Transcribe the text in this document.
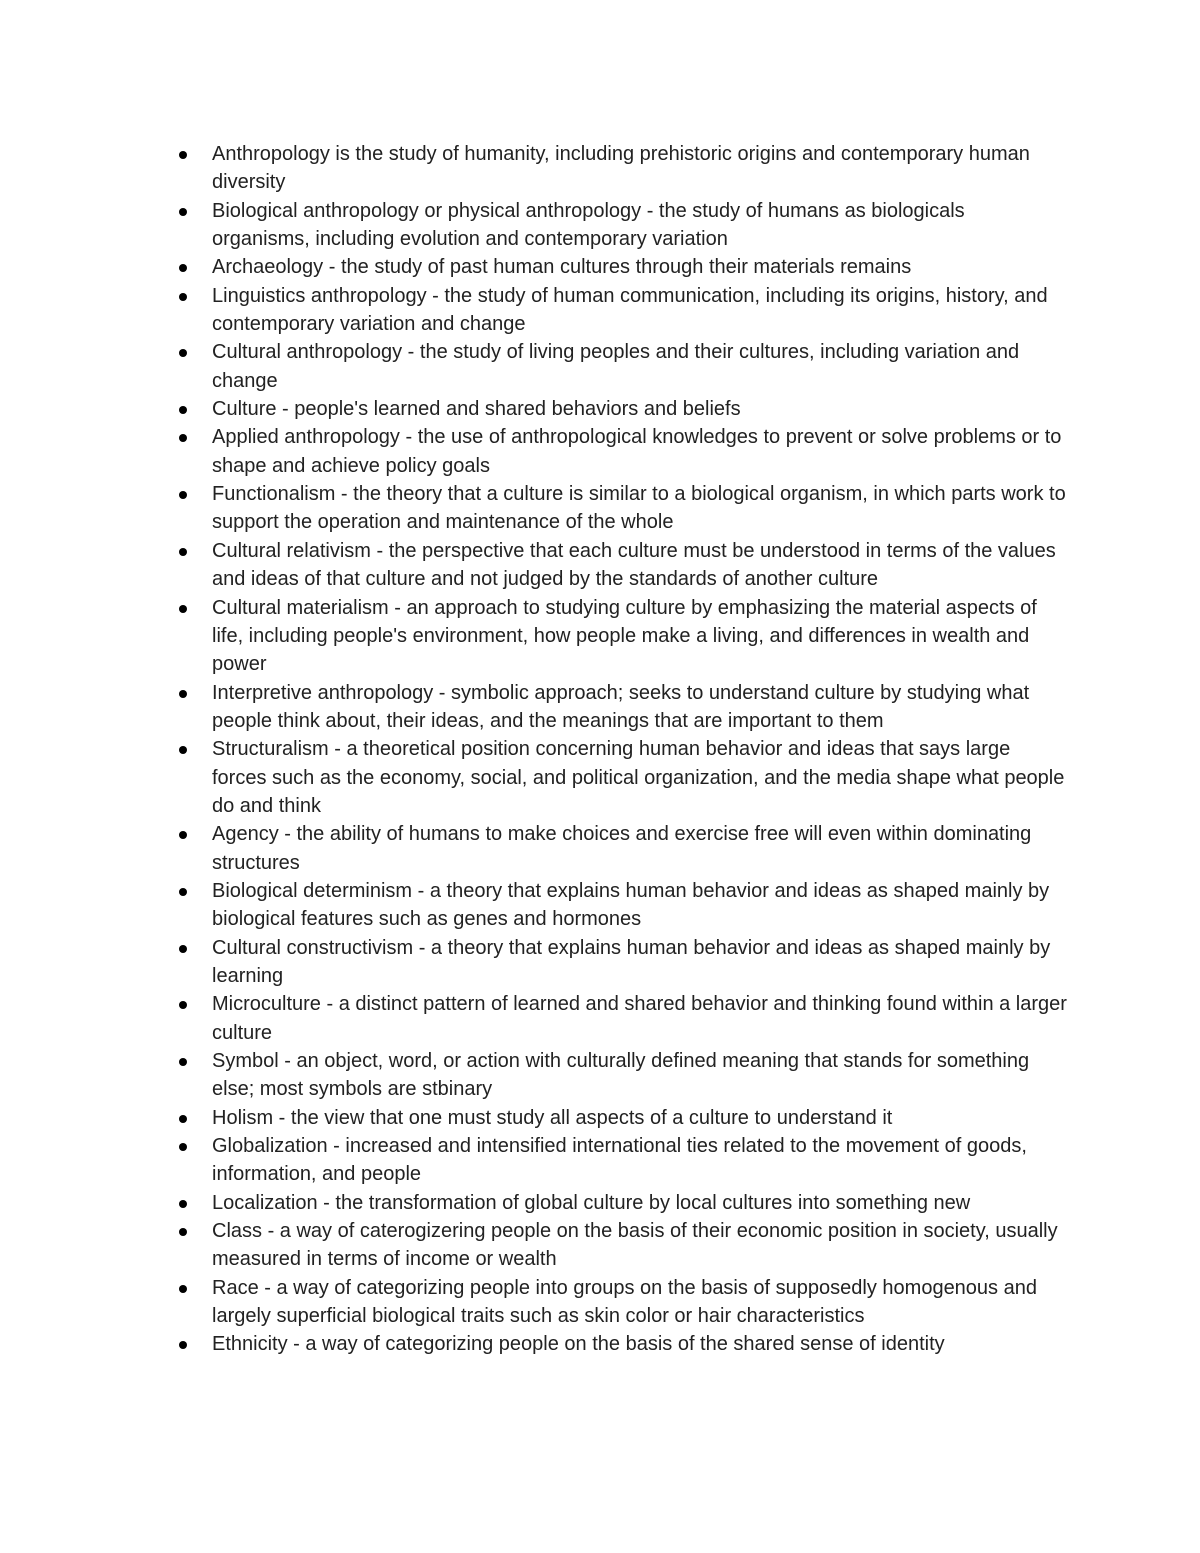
Anthropology is the study of humanity, including prehistoric origins and contemporary human diversity
Biological anthropology or physical anthropology - the study of humans as biologicals organisms, including evolution and contemporary variation
Archaeology - the study of past human cultures through their materials remains
Linguistics anthropology - the study of human communication, including its origins, history, and contemporary variation and change
Cultural anthropology - the study of living peoples and their cultures, including variation and change
Culture - people's learned and shared behaviors and beliefs
Applied anthropology - the use of anthropological knowledges to prevent or solve problems or to shape and achieve policy goals
Functionalism - the theory that a culture is similar to a biological organism, in which parts work to support the operation and maintenance of the whole
Cultural relativism - the perspective that each culture must be understood in terms of the values and ideas of that culture and not judged by the standards of another culture
Cultural materialism - an approach to studying culture by emphasizing the material aspects of life, including people's environment, how people make a living, and differences in wealth and power
Interpretive anthropology - symbolic approach; seeks to understand culture by studying what people think about, their ideas, and the meanings that are important to them
Structuralism - a theoretical position concerning human behavior and ideas that says large forces such as the economy, social, and political organization, and the media shape what people do and think
Agency - the ability of humans to make choices and exercise free will even within dominating structures
Biological determinism - a theory that explains human behavior and ideas as shaped mainly by biological features such as genes and hormones
Cultural constructivism - a theory that explains human behavior and ideas as shaped mainly by learning
Microculture - a distinct pattern of learned and shared behavior and thinking found within a larger culture
Symbol - an object, word, or action with culturally defined meaning that stands for something else; most symbols are stbinary
Holism - the view that one must study all aspects of a culture to understand it
Globalization - increased and intensified international ties related to the movement of goods, information, and people
Localization - the transformation of global culture by local cultures into something new
Class - a way of caterogizering people on the basis of their economic position in society, usually measured in terms of income or wealth
Race - a way of categorizing people into groups on the basis of supposedly homogenous and largely superficial biological traits such as skin color or hair characteristics
Ethnicity - a way of categorizing people on the basis of the shared sense of identity
